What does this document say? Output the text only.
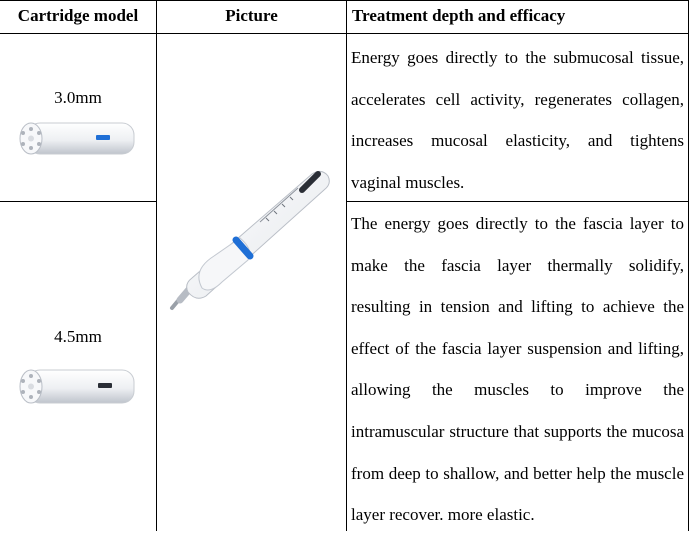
Cartridge model	Picture	Treatment depth and efficacy
3.0mm

Energy goes directly to the submucosal tissue, accelerates cell activity, regenerates collagen, increases mucosal elasticity, and tightens vaginal muscles.

4.5mm

The energy goes directly to the fascia layer to make the fascia layer thermally solidify, resulting in tension and lifting to achieve the effect of the fascia layer suspension and lifting, allowing the muscles to improve the intramuscular structure that supports the mucosa from deep to shallow, and better help the muscle layer recover. more elastic.
